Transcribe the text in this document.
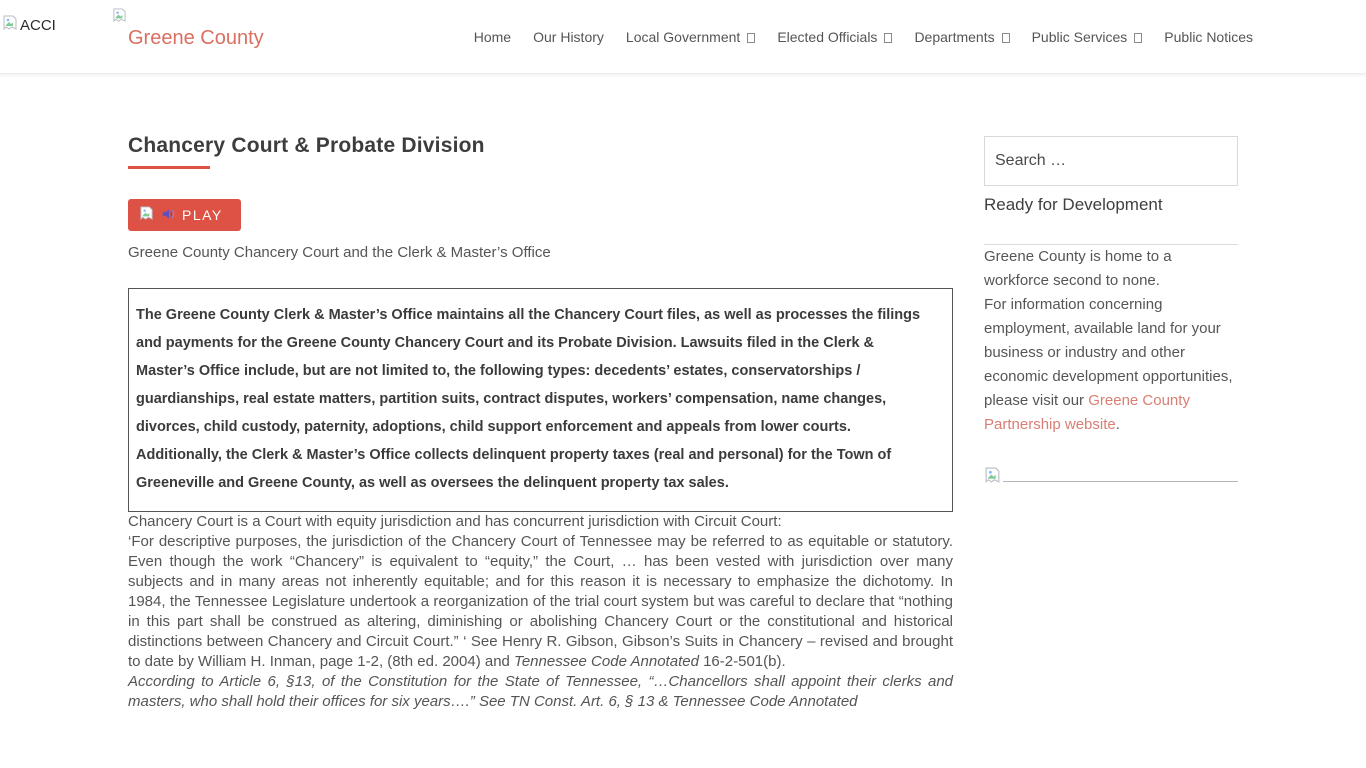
ACCI
Greene County	Home Our History Local Government	Elected Officials	Departments	Public Services	Public Notices
Chancery Court & Probate Division
PLAY

Greene County Chancery Court and the Clerk & Master’s Office

The Greene County Clerk & Master’s Office maintains all the Chancery Court files, as well as processes the filings and payments for the Greene County Chancery Court and its Probate Division. Lawsuits filed in the Clerk & Master’s Office include, but are not limited to, the following types: decedents’ estates, conservatorships / guardianships, real estate matters, partition suits, contract disputes, workers’ compensation, name changes, divorces, child custody, paternity, adoptions, child support enforcement and appeals from lower courts. Additionally, the Clerk & Master’s Office collects delinquent property taxes (real and personal) for the Town of Greeneville and Greene County, as well as oversees the delinquent property tax sales.

Chancery Court is a Court with equity jurisdiction and has concurrent jurisdiction with Circuit Court:

‘For descriptive purposes, the jurisdiction of the Chancery Court of Tennessee may be referred to as equitable or statutory. Even though the work “Chancery” is equivalent to “equity,” the Court, … has been vested with jurisdiction over many subjects and in many areas not inherently equitable; and for this reason it is necessary to emphasize the dichotomy. In 1984, the Tennessee Legislature undertook a reorganization of the trial court system but was careful to declare that “nothing in this part shall be construed as altering, diminishing or abolishing Chancery Court or the constitutional and historical distinctions between Chancery and Circuit Court.” ‘ See Henry R. Gibson, Gibson’s Suits in Chancery – revised and brought to date by William H. Inman, page 1-2, (8th ed. 2004) and Tennessee Code Annotated 16-2-501(b).

According to Article 6, §13, of the Constitution for the State of Tennessee, “…Chancellors shall appoint their clerks and masters, who shall hold their offices for six years….” See TN Const. Art. 6, § 13 & Tennessee Code Annotated

Search …
Ready for Development

Greene County is home to a workforce second to none.

For information concerning employment, available land for your business or industry and other economic development opportunities, please visit our Greene County Partnership website.
